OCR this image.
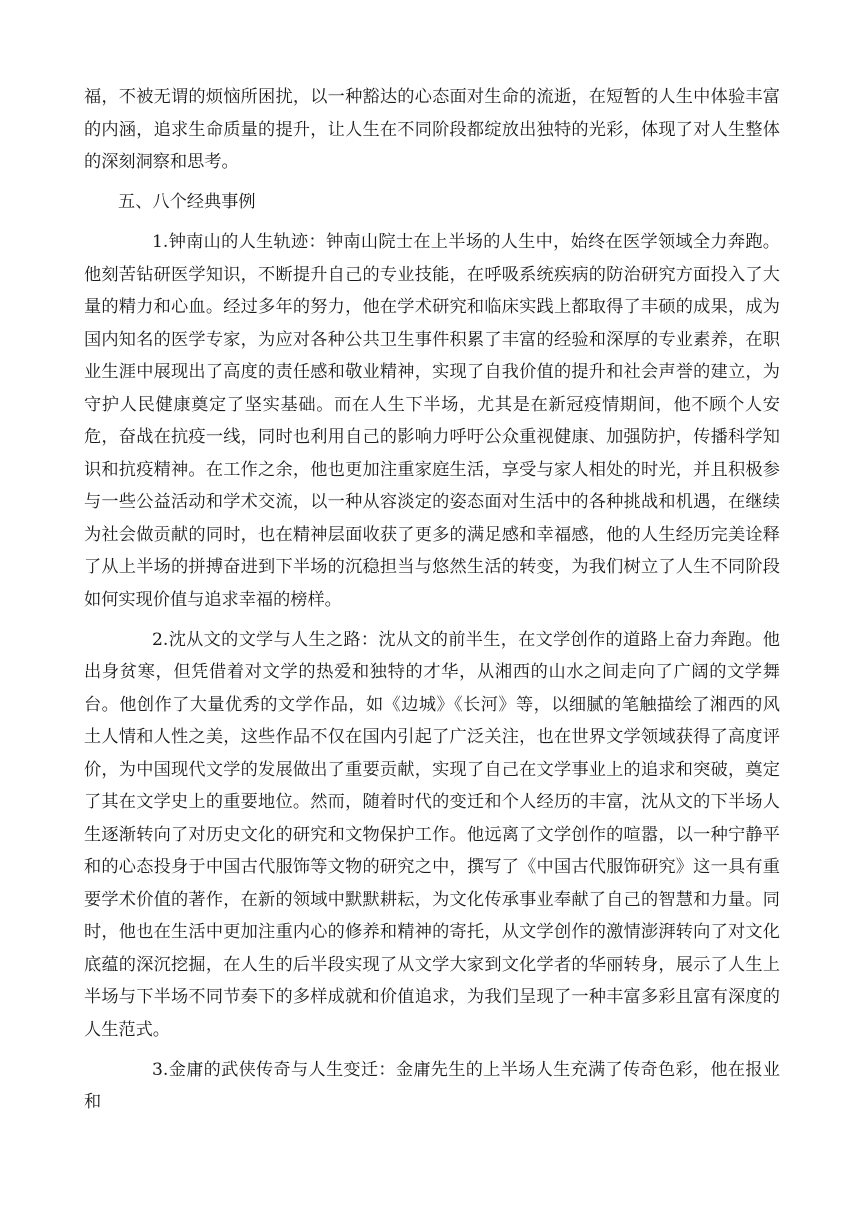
福，不被无谓的烦恼所困扰，以一种豁达的心态面对生命的流逝，在短暂的人生中体验丰富的内涵，追求生命质量的提升，让人生在不同阶段都绽放出独特的光彩，体现了对人生整体的深刻洞察和思考。

五、八个经典事例

1.钟南山的人生轨迹：钟南山院士在上半场的人生中，始终在医学领域全力奔跑。他刻苦钻研医学知识，不断提升自己的专业技能，在呼吸系统疾病的防治研究方面投入了大量的精力和心血。经过多年的努力，他在学术研究和临床实践上都取得了丰硕的成果，成为国内知名的医学专家，为应对各种公共卫生事件积累了丰富的经验和深厚的专业素养，在职业生涯中展现出了高度的责任感和敬业精神，实现了自我价值的提升和社会声誉的建立，为守护人民健康奠定了坚实基础。而在人生下半场，尤其是在新冠疫情期间，他不顾个人安危，奋战在抗疫一线，同时也利用自己的影响力呼吁公众重视健康、加强防护，传播科学知识和抗疫精神。在工作之余，他也更加注重家庭生活，享受与家人相处的时光，并且积极参与一些公益活动和学术交流，以一种从容淡定的姿态面对生活中的各种挑战和机遇，在继续为社会做贡献的同时，也在精神层面收获了更多的满足感和幸福感，他的人生经历完美诠释了从上半场的拼搏奋进到下半场的沉稳担当与悠然生活的转变，为我们树立了人生不同阶段如何实现价值与追求幸福的榜样。

2.沈从文的文学与人生之路：沈从文的前半生，在文学创作的道路上奋力奔跑。他出身贫寒，但凭借着对文学的热爱和独特的才华，从湘西的山水之间走向了广阔的文学舞台。他创作了大量优秀的文学作品，如《边城》《长河》等，以细腻的笔触描绘了湘西的风土人情和人性之美，这些作品不仅在国内引起了广泛关注，也在世界文学领域获得了高度评价，为中国现代文学的发展做出了重要贡献，实现了自己在文学事业上的追求和突破，奠定了其在文学史上的重要地位。然而，随着时代的变迁和个人经历的丰富，沈从文的下半场人生逐渐转向了对历史文化的研究和文物保护工作。他远离了文学创作的喧嚣，以一种宁静平和的心态投身于中国古代服饰等文物的研究之中，撰写了《中国古代服饰研究》这一具有重要学术价值的著作，在新的领域中默默耕耘，为文化传承事业奉献了自己的智慧和力量。同时，他也在生活中更加注重内心的修养和精神的寄托，从文学创作的激情澎湃转向了对文化底蕴的深沉挖掘，在人生的后半段实现了从文学大家到文化学者的华丽转身，展示了人生上半场与下半场不同节奏下的多样成就和价值追求，为我们呈现了一种丰富多彩且富有深度的人生范式。

3.金庸的武侠传奇与人生变迁：金庸先生的上半场人生充满了传奇色彩，他在报业和
